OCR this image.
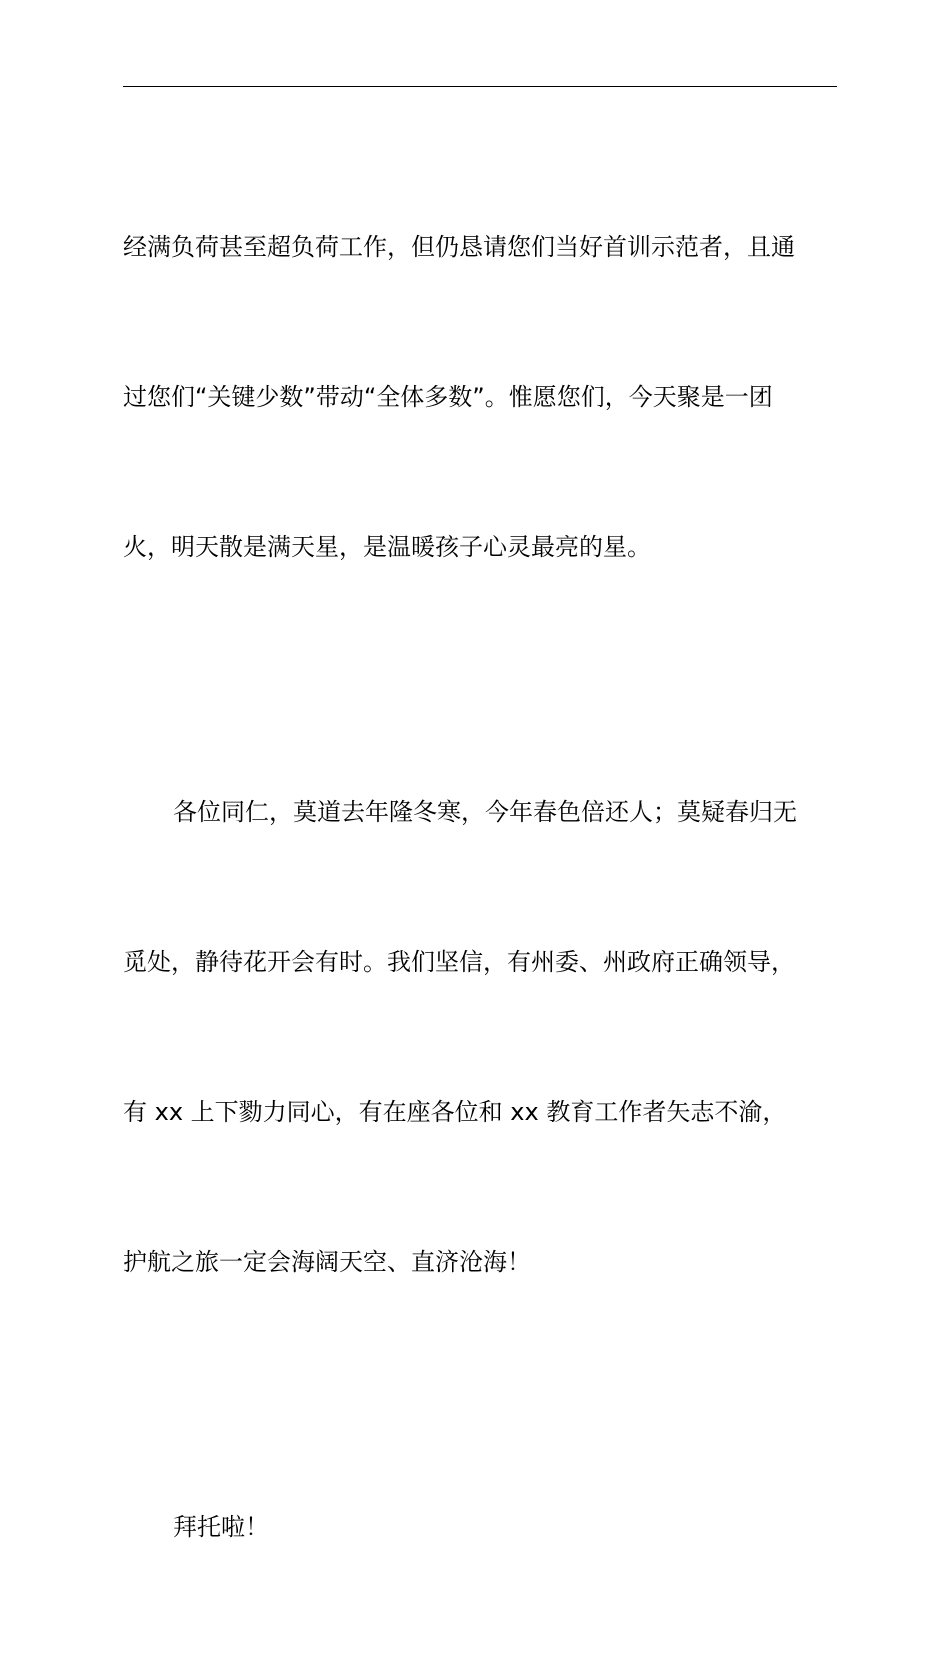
经满负荷甚至超负荷工作，但仍恳请您们当好首训示范者，且通

过您们“关键少数”带动“全体多数”。惟愿您们，今天聚是一团

火，明天散是满天星，是温暖孩子心灵最亮的星。

各位同仁，莫道去年隆冬寒，今年春色倍还人；莫疑春归无

觅处，静待花开会有时。我们坚信，有州委、州政府正确领导，

有 xx 上下勠力同心，有在座各位和 xx 教育工作者矢志不渝，

护航之旅一定会海阔天空、直济沧海！

拜托啦！
